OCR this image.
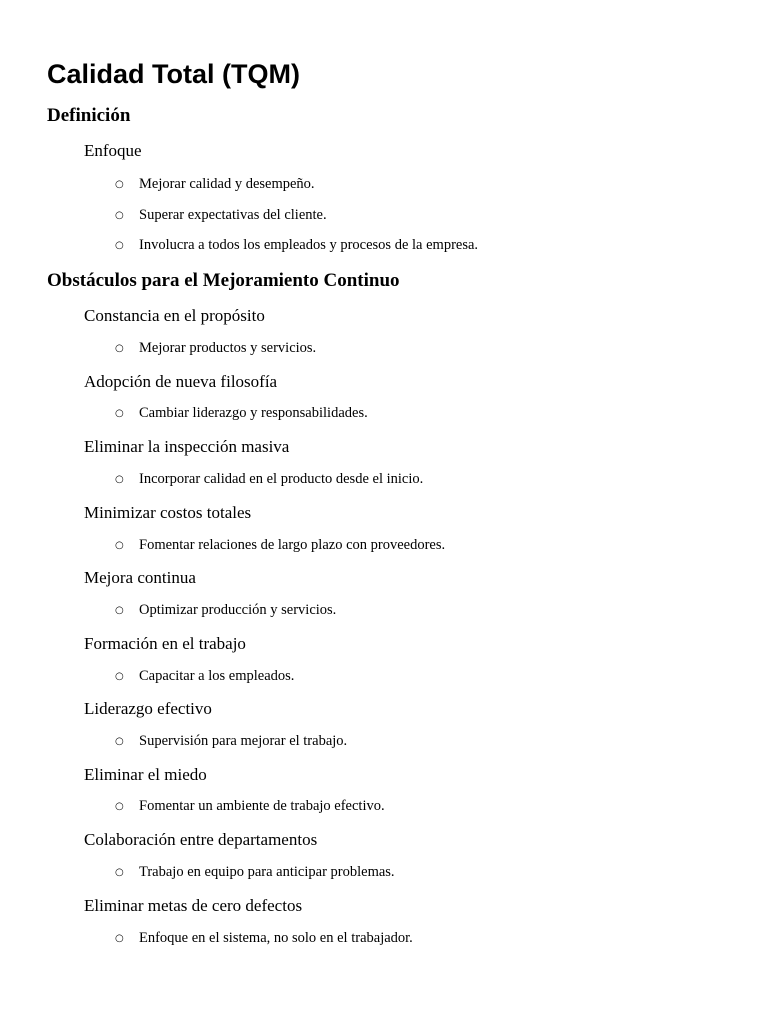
Calidad Total (TQM)
Definición

Enfoque

○ Mejorar calidad y desempeño.

○ Superar expectativas del cliente.

○ Involucra a todos los empleados y procesos de la empresa.

Obstáculos para el Mejoramiento Continuo

Constancia en el propósito

○ Mejorar productos y servicios.

Adopción de nueva filosofía

○ Cambiar liderazgo y responsabilidades.

Eliminar la inspección masiva

○ Incorporar calidad en el producto desde el inicio.

Minimizar costos totales

○ Fomentar relaciones de largo plazo con proveedores.

Mejora continua

○ Optimizar producción y servicios.

Formación en el trabajo

○ Capacitar a los empleados.

Liderazgo efectivo

○ Supervisión para mejorar el trabajo.

Eliminar el miedo

○ Fomentar un ambiente de trabajo efectivo.

Colaboración entre departamentos

○ Trabajo en equipo para anticipar problemas.

Eliminar metas de cero defectos

○ Enfoque en el sistema, no solo en el trabajador.
